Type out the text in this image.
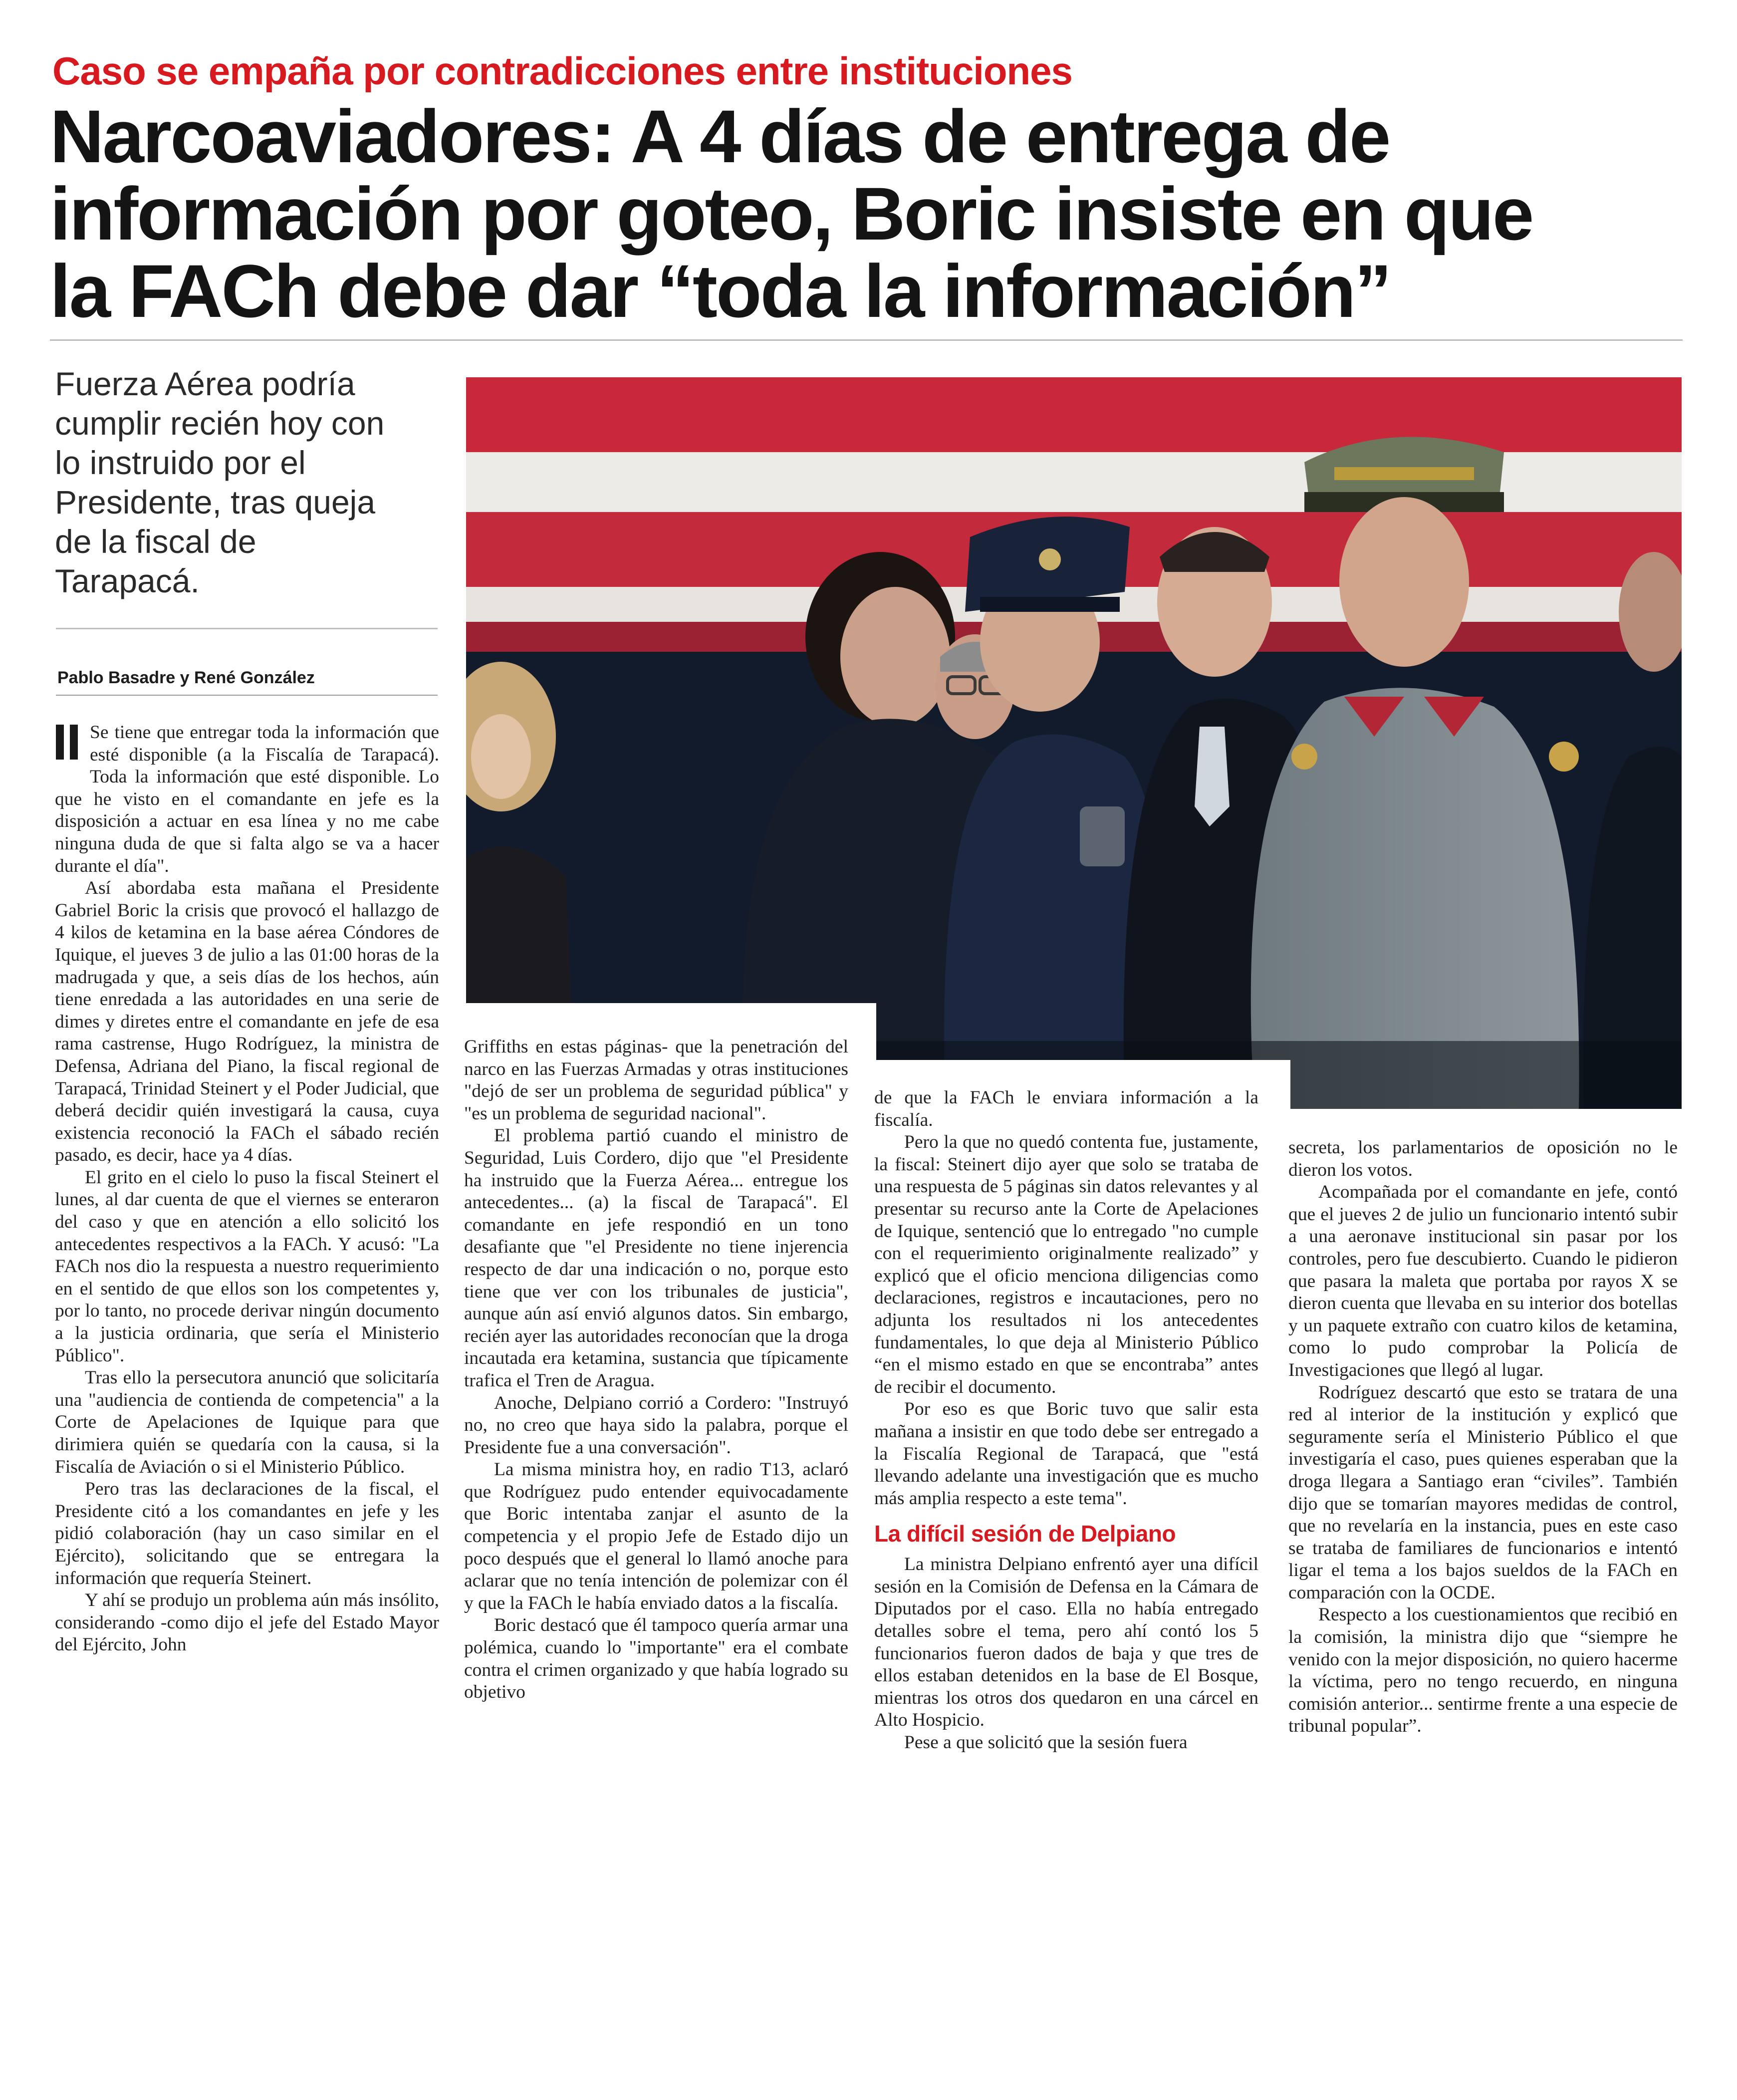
Caso se empaña por contradicciones entre instituciones
Narcoaviadores: A 4 días de entrega de
información por goteo, Boric insiste en que
la FACh debe dar “toda la información”
Fuerza Aérea podría
cumplir recién hoy con
lo instruido por el
Presidente, tras queja
de la fiscal de
Tarapacá.
Pablo Basadre y René González

Se tiene que entregar toda la información que esté disponible (a la Fiscalía de Tarapacá). Toda la información que esté disponible. Lo que he visto en el comandante en jefe es la disposición a actuar en esa línea y no me cabe ninguna duda de que si falta algo se va a hacer durante el día".

Así abordaba esta mañana el Presidente Gabriel Boric la crisis que provocó el hallazgo de 4 kilos de ketamina en la base aérea Cóndores de Iquique, el jueves 3 de julio a las 01:00 horas de la madrugada y que, a seis días de los hechos, aún tiene enredada a las autoridades en una serie de dimes y diretes entre el comandante en jefe de esa rama castrense, Hugo Rodríguez, la ministra de Defensa, Adriana del Piano, la fiscal regional de Tarapacá, Trinidad Steinert y el Poder Judicial, que deberá decidir quién investigará la causa, cuya existencia reconoció la FACh el sábado recién pasado, es decir, hace ya 4 días.

El grito en el cielo lo puso la fiscal Steinert el lunes, al dar cuenta de que el viernes se enteraron del caso y que en atención a ello solicitó los antecedentes respectivos a la FACh. Y acusó: "La FACh nos dio la respuesta a nuestro requerimiento en el sentido de que ellos son los competentes y, por lo tanto, no procede derivar ningún documento a la justicia ordinaria, que sería el Ministerio Público".

Tras ello la persecutora anunció que solicitaría una "audiencia de contienda de competencia" a la Corte de Apelaciones de Iquique para que dirimiera quién se quedaría con la causa, si la Fiscalía de Aviación o si el Ministerio Público.

Pero tras las declaraciones de la fiscal, el Presidente citó a los comandantes en jefe y les pidió colaboración (hay un caso similar en el Ejército), solicitando que se entregara la información que requería Steinert.

Y ahí se produjo un problema aún más insólito, considerando -como dijo el jefe del Estado Mayor del Ejército, John

Griffiths en estas páginas- que la penetración del narco en las Fuerzas Armadas y otras instituciones "dejó de ser un problema de seguridad pública" y "es un problema de seguridad nacional".

El problema partió cuando el ministro de Seguridad, Luis Cordero, dijo que "el Presidente ha instruido que la Fuerza Aérea... entregue los antecedentes... (a) la fiscal de Tarapacá". El comandante en jefe respondió en un tono desafiante que "el Presidente no tiene injerencia respecto de dar una indicación o no, porque esto tiene que ver con los tribunales de justicia", aunque aún así envió algunos datos. Sin embargo, recién ayer las autoridades reconocían que la droga incautada era ketamina, sustancia que típicamente trafica el Tren de Aragua.

Anoche, Delpiano corrió a Cordero: "Instruyó no, no creo que haya sido la palabra, porque el Presidente fue a una conversación".

La misma ministra hoy, en radio T13, aclaró que Rodríguez pudo entender equivocadamente que Boric intentaba zanjar el asunto de la competencia y el propio Jefe de Estado dijo un poco después que el general lo llamó anoche para aclarar que no tenía intención de polemizar con él y que la FACh le había enviado datos a la fiscalía.

Boric destacó que él tampoco quería armar una polémica, cuando lo "importante" era el combate contra el crimen organizado y que había logrado su objetivo

de que la FACh le enviara información a la fiscalía.

Pero la que no quedó contenta fue, justamente, la fiscal: Steinert dijo ayer que solo se trataba de una respuesta de 5 páginas sin datos relevantes y al presentar su recurso ante la Corte de Apelaciones de Iquique, sentenció que lo entregado "no cumple con el requerimiento originalmente realizado” y explicó que el oficio menciona diligencias como declaraciones, registros e incautaciones, pero no adjunta los resultados ni los antecedentes fundamentales, lo que deja al Ministerio Público “en el mismo estado en que se encontraba” antes de recibir el documento.

Por eso es que Boric tuvo que salir esta mañana a insistir en que todo debe ser entregado a la Fiscalía Regional de Tarapacá, que "está llevando adelante una investigación que es mucho más amplia respecto a este tema".

La difícil sesión de Delpiano

La ministra Delpiano enfrentó ayer una difícil sesión en la Comisión de Defensa en la Cámara de Diputados por el caso. Ella no había entregado detalles sobre el tema, pero ahí contó los 5 funcionarios fueron dados de baja y que tres de ellos estaban detenidos en la base de El Bosque, mientras los otros dos quedaron en una cárcel en Alto Hospicio.

Pese a que solicitó que la sesión fuera

secreta, los parlamentarios de oposición no le dieron los votos.

Acompañada por el comandante en jefe, contó que el jueves 2 de julio un funcionario intentó subir a una aeronave institucional sin pasar por los controles, pero fue descubierto. Cuando le pidieron que pasara la maleta que portaba por rayos X se dieron cuenta que llevaba en su interior dos botellas y un paquete extraño con cuatro kilos de ketamina, como lo pudo comprobar la Policía de Investigaciones que llegó al lugar.

Rodríguez descartó que esto se tratara de una red al interior de la institución y explicó que seguramente sería el Ministerio Público el que investigaría el caso, pues quienes esperaban que la droga llegara a Santiago eran “civiles”. También dijo que se tomarían mayores medidas de control, que no revelaría en la instancia, pues en este caso se trataba de familiares de funcionarios e intentó ligar el tema a los bajos sueldos de la FACh en comparación con la OCDE.

Respecto a los cuestionamientos que recibió en la comisión, la ministra dijo que “siempre he venido con la mejor disposición, no quiero hacerme la víctima, pero no tengo recuerdo, en ninguna comisión anterior... sentirme frente a una especie de tribunal popular”.
